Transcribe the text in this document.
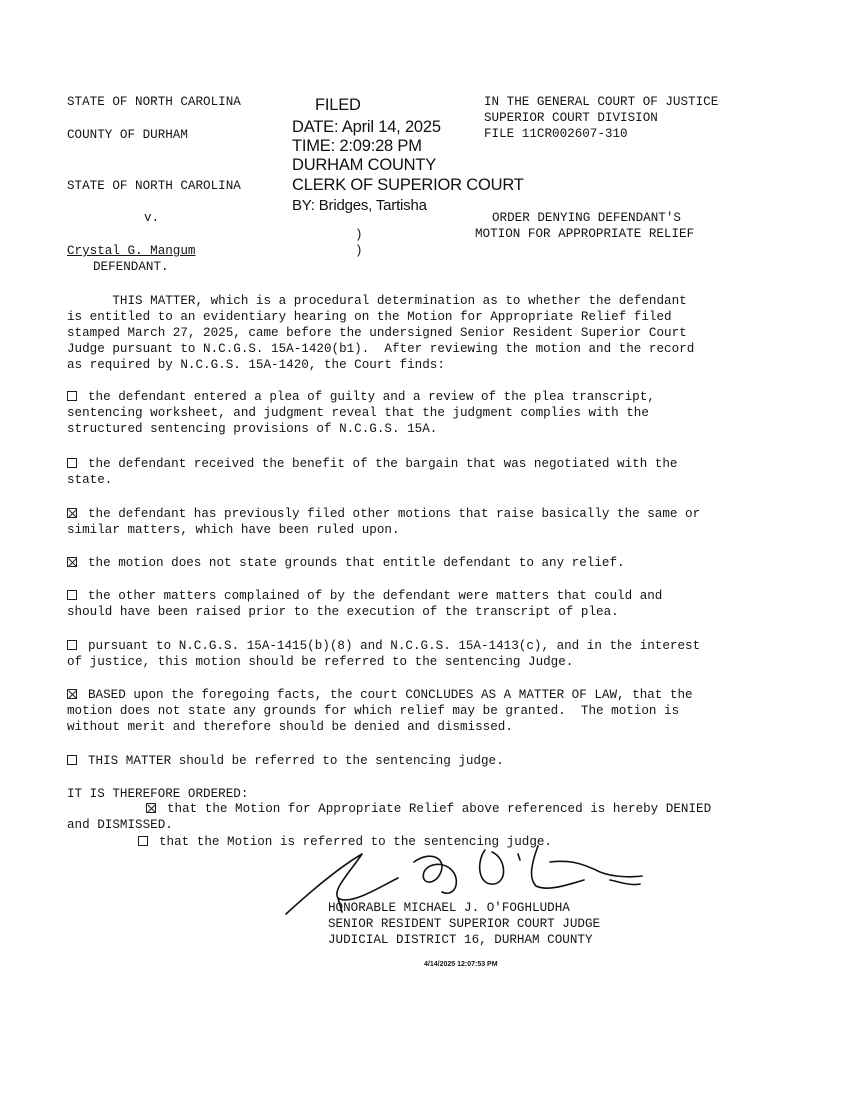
STATE OF NORTH CAROLINA
COUNTY OF DURHAM
STATE OF NORTH CAROLINA
v.
Crystal G. Mangum
DEFENDANT.
)
)
IN THE GENERAL COURT OF JUSTICE
SUPERIOR COURT DIVISION
FILE 11CR002607-310
ORDER DENYING DEFENDANT'S
MOTION FOR APPROPRIATE RELIEF
FILED
DATE: April 14, 2025
TIME: 2:09:28 PM
DURHAM COUNTY
CLERK OF SUPERIOR COURT
BY: Bridges, Tartisha
THIS MATTER, which is a procedural determination as to whether the defendant
is entitled to an evidentiary hearing on the Motion for Appropriate Relief filed
stamped March 27, 2025, came before the undersigned Senior Resident Superior Court
Judge pursuant to N.C.G.S. 15A-1420(b1).  After reviewing the motion and the record
as required by N.C.G.S. 15A-1420, the Court finds:
the defendant entered a plea of guilty and a review of the plea transcript,
sentencing worksheet, and judgment reveal that the judgment complies with the
structured sentencing provisions of N.C.G.S. 15A.
the defendant received the benefit of the bargain that was negotiated with the
state.
the defendant has previously filed other motions that raise basically the same or
similar matters, which have been ruled upon.
the motion does not state grounds that entitle defendant to any relief.
the other matters complained of by the defendant were matters that could and
should have been raised prior to the execution of the transcript of plea.
pursuant to N.C.G.S. 15A-1415(b)(8) and N.C.G.S. 15A-1413(c), and in the interest
of justice, this motion should be referred to the sentencing Judge.
BASED upon the foregoing facts, the court CONCLUDES AS A MATTER OF LAW, that the
motion does not state any grounds for which relief may be granted.  The motion is
without merit and therefore should be denied and dismissed.
THIS MATTER should be referred to the sentencing judge.
IT IS THEREFORE ORDERED:
that the Motion for Appropriate Relief above referenced is hereby DENIED
and DISMISSED.
that the Motion is referred to the sentencing judge.
HONORABLE MICHAEL J. O'FOGHLUDHA
SENIOR RESIDENT SUPERIOR COURT JUDGE
JUDICIAL DISTRICT 16, DURHAM COUNTY
4/14/2025 12:07:53 PM
